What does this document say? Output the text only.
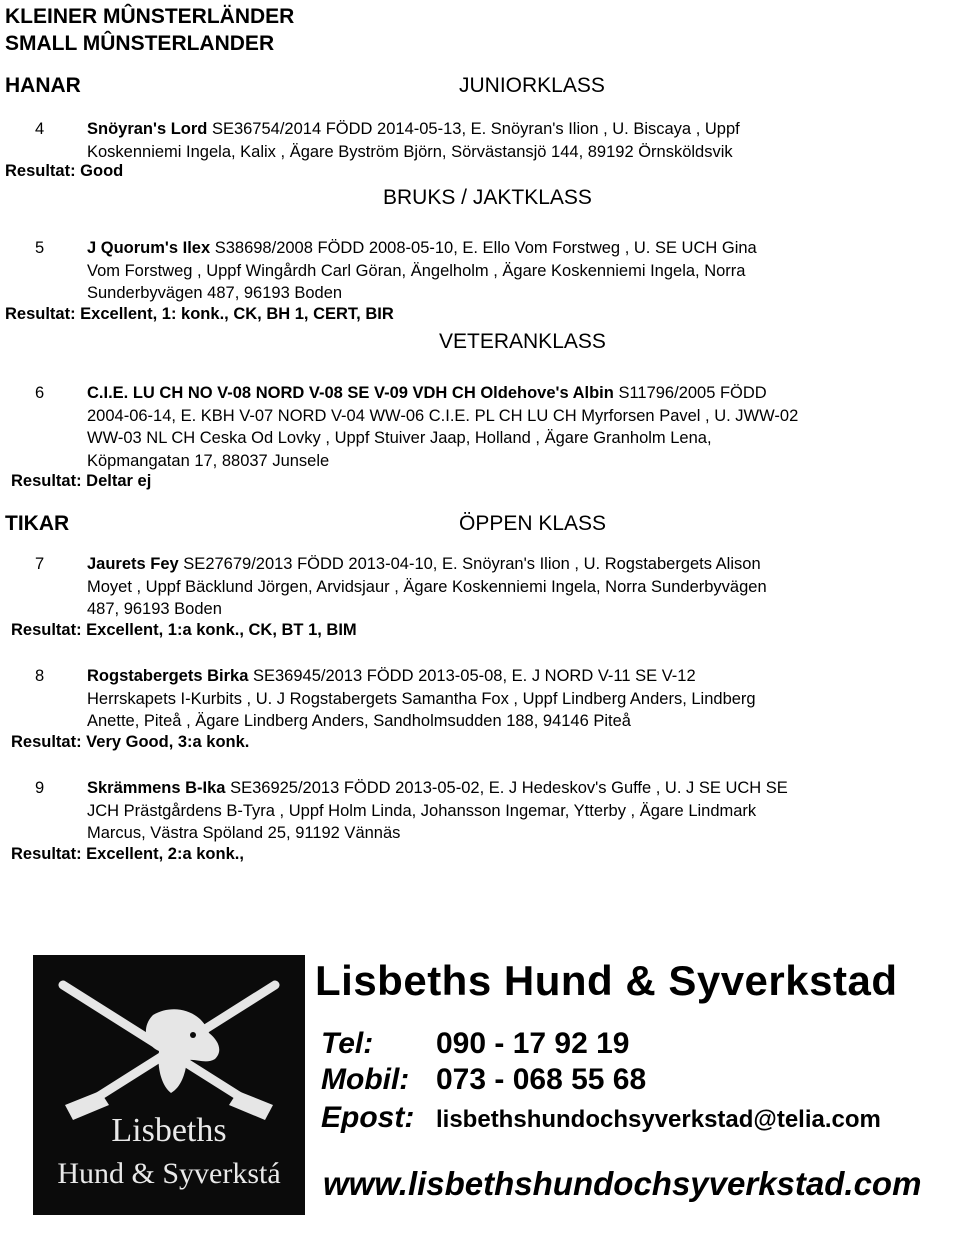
KLEINER MÛNSTERLÄNDER
SMALL MÛNSTERLANDER
HANAR	JUNIORKLASS
4	Snöyran's Lord SE36754/2014 FÖDD 2014-05-13, E. Snöyran's Ilion , U. Biscaya , Uppf
Koskenniemi Ingela, Kalix , Ägare Byström Björn, Sörvästansjö 144, 89192 Örnsköldsvik
Resultat: Good
BRUKS / JAKTKLASS
5	J Quorum's Ilex S38698/2008 FÖDD 2008-05-10, E. Ello Vom Forstweg , U. SE UCH Gina
Vom Forstweg , Uppf Wingårdh Carl Göran, Ängelholm , Ägare Koskenniemi Ingela, Norra
Sunderbyvägen 487, 96193 Boden
Resultat: Excellent, 1: konk., CK, BH 1, CERT, BIR
VETERANKLASS
6	C.I.E. LU CH NO V-08 NORD V-08 SE V-09 VDH CH Oldehove's Albin S11796/2005 FÖDD
2004-06-14, E. KBH V-07 NORD V-04 WW-06 C.I.E. PL CH LU CH Myrforsen Pavel , U. JWW-02
WW-03 NL CH Ceska Od Lovky , Uppf Stuiver Jaap, Holland , Ägare Granholm Lena,
Köpmangatan 17, 88037 Junsele
Resultat: Deltar ej
TIKAR	ÖPPEN KLASS
7	Jaurets Fey SE27679/2013 FÖDD 2013-04-10, E. Snöyran's Ilion , U. Rogstabergets Alison
Moyet , Uppf Bäcklund Jörgen, Arvidsjaur , Ägare Koskenniemi Ingela, Norra Sunderbyvägen
487, 96193 Boden
Resultat: Excellent, 1:a konk., CK, BT 1, BIM
8	Rogstabergets Birka SE36945/2013 FÖDD 2013-05-08, E. J NORD V-11 SE V-12
Herrskapets I-Kurbits , U. J Rogstabergets Samantha Fox , Uppf Lindberg Anders, Lindberg
Anette, Piteå , Ägare Lindberg Anders, Sandholmsudden 188, 94146 Piteå
Resultat: Very Good, 3:a konk.
9	Skrämmens B-Ika SE36925/2013 FÖDD 2013-05-02, E. J Hedeskov's Guffe , U. J SE UCH SE
JCH Prästgårdens B-Tyra , Uppf Holm Linda, Johansson Ingemar, Ytterby , Ägare Lindmark
Marcus, Västra Spöland 25, 91192 Vännäs
Resultat: Excellent, 2:a konk.,
Lisbeths
Hund & Syverkstá
Lisbeths Hund & Syverkstad
Tel: 090 - 17 92 19
Mobil: 073 - 068 55 68
Epost: lisbethshundochsyverkstad@telia.com
www.lisbethshundochsyverkstad.com
